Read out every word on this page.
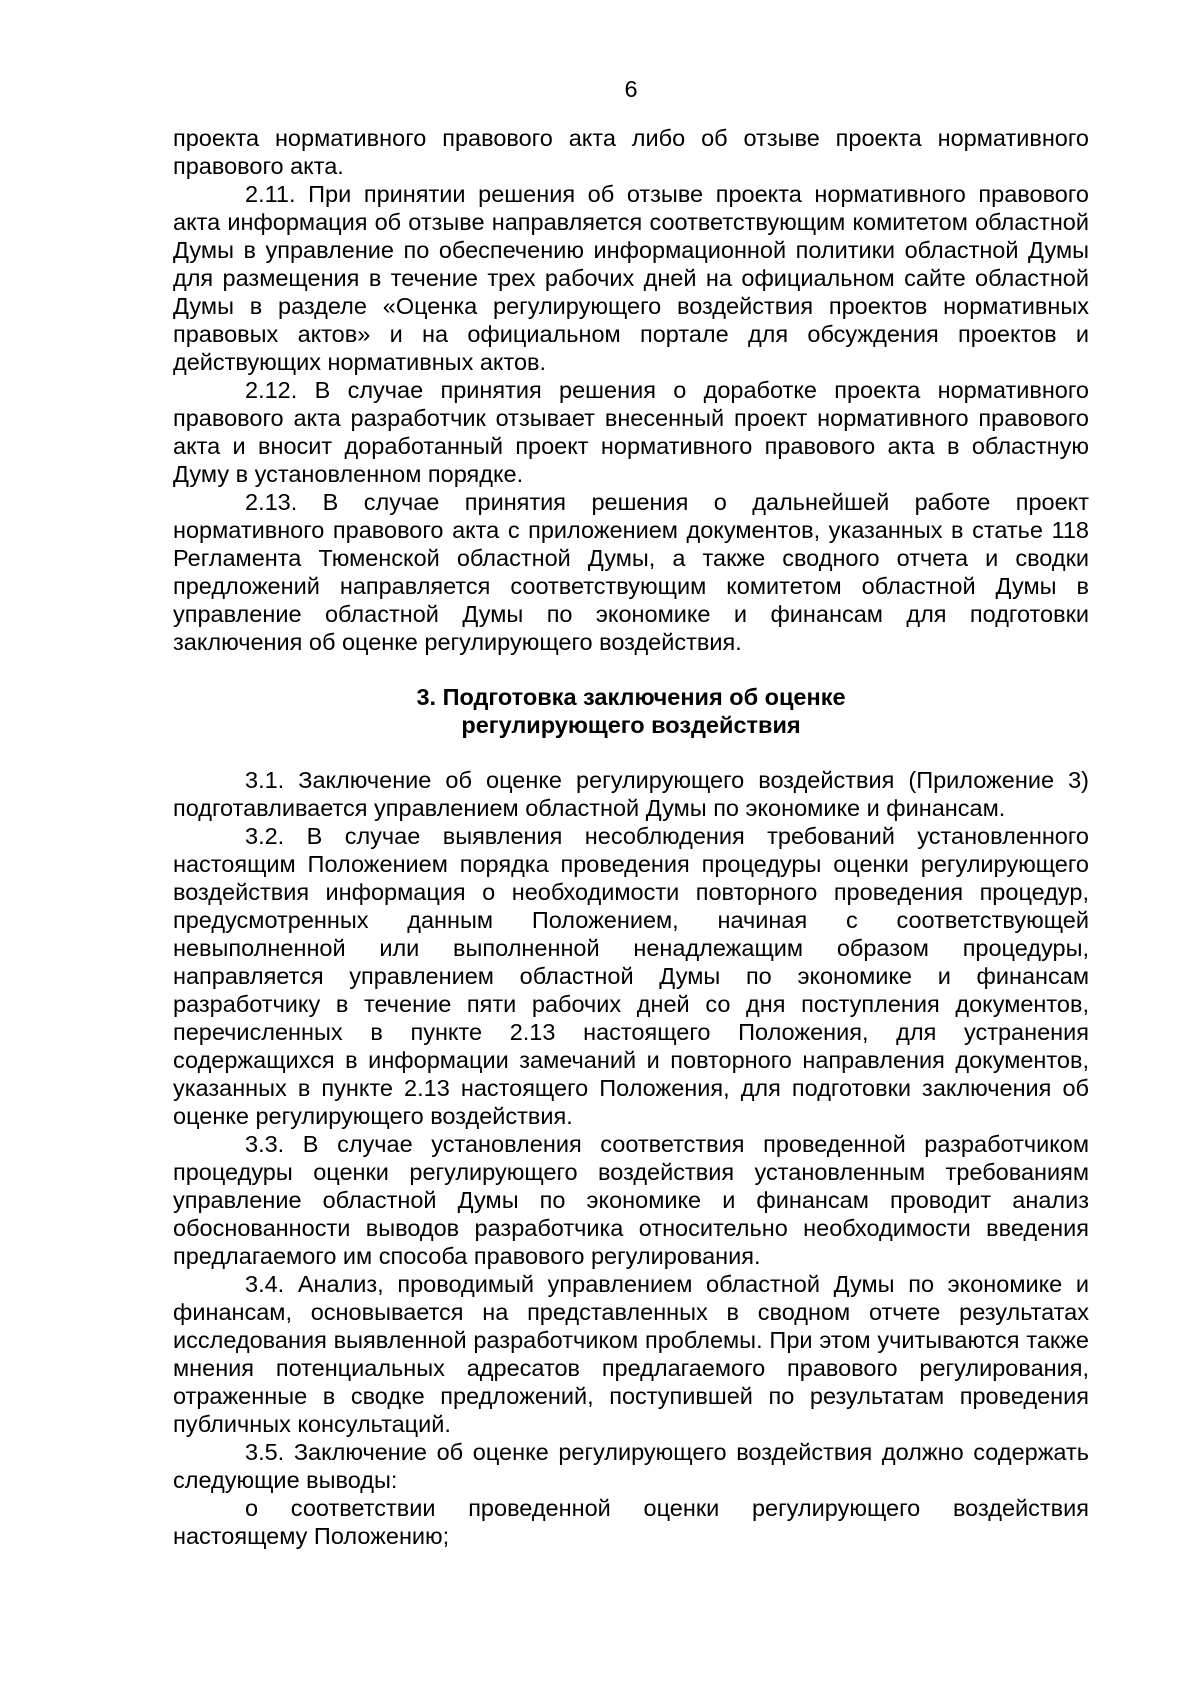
6

проекта нормативного правового акта либо об отзыве проекта нормативного правового акта.

2.11. При принятии решения об отзыве проекта нормативного правового акта информация об отзыве направляется соответствующим комитетом областной Думы в управление по обеспечению информационной политики областной Думы для размещения в течение трех рабочих дней на официальном сайте областной Думы в разделе «Оценка регулирующего воздействия проектов нормативных правовых актов» и на официальном портале для обсуждения проектов и действующих нормативных актов.

2.12. В случае принятия решения о доработке проекта нормативного правового акта разработчик отзывает внесенный проект нормативного правового акта и вносит доработанный проект нормативного правового акта в областную Думу в установленном порядке.

2.13. В случае принятия решения о дальнейшей работе проект нормативного правового акта с приложением документов, указанных в статье 118 Регламента Тюменской областной Думы, а также сводного отчета и сводки предложений направляется соответствующим комитетом областной Думы в управление областной Думы по экономике и финансам для подготовки заключения об оценке регулирующего воздействия.

3. Подготовка заключения об оценке
регулирующего воздействия

3.1. Заключение об оценке регулирующего воздействия (Приложение 3) подготавливается управлением областной Думы по экономике и финансам.

3.2. В случае выявления несоблюдения требований установленного настоящим Положением порядка проведения процедуры оценки регулирующего воздействия информация о необходимости повторного проведения процедур, предусмотренных данным Положением, начиная с соответствующей невыполненной или выполненной ненадлежащим образом процедуры, направляется управлением областной Думы по экономике и финансам разработчику в течение пяти рабочих дней со дня поступления документов, перечисленных в пункте 2.13 настоящего Положения, для устранения содержащихся в информации замечаний и повторного направления документов, указанных в пункте 2.13 настоящего Положения, для подготовки заключения об оценке регулирующего воздействия.

3.3. В случае установления соответствия проведенной разработчиком процедуры оценки регулирующего воздействия установленным требованиям управление областной Думы по экономике и финансам проводит анализ обоснованности выводов разработчика относительно необходимости введения предлагаемого им способа правового регулирования.

3.4. Анализ, проводимый управлением областной Думы по экономике и финансам, основывается на представленных в сводном отчете результатах исследования выявленной разработчиком проблемы. При этом учитываются также мнения потенциальных адресатов предлагаемого правового регулирования, отраженные в сводке предложений, поступившей по результатам проведения публичных консультаций.

3.5. Заключение об оценке регулирующего воздействия должно содержать следующие выводы:

о соответствии проведенной оценки регулирующего воздействия настоящему Положению;
